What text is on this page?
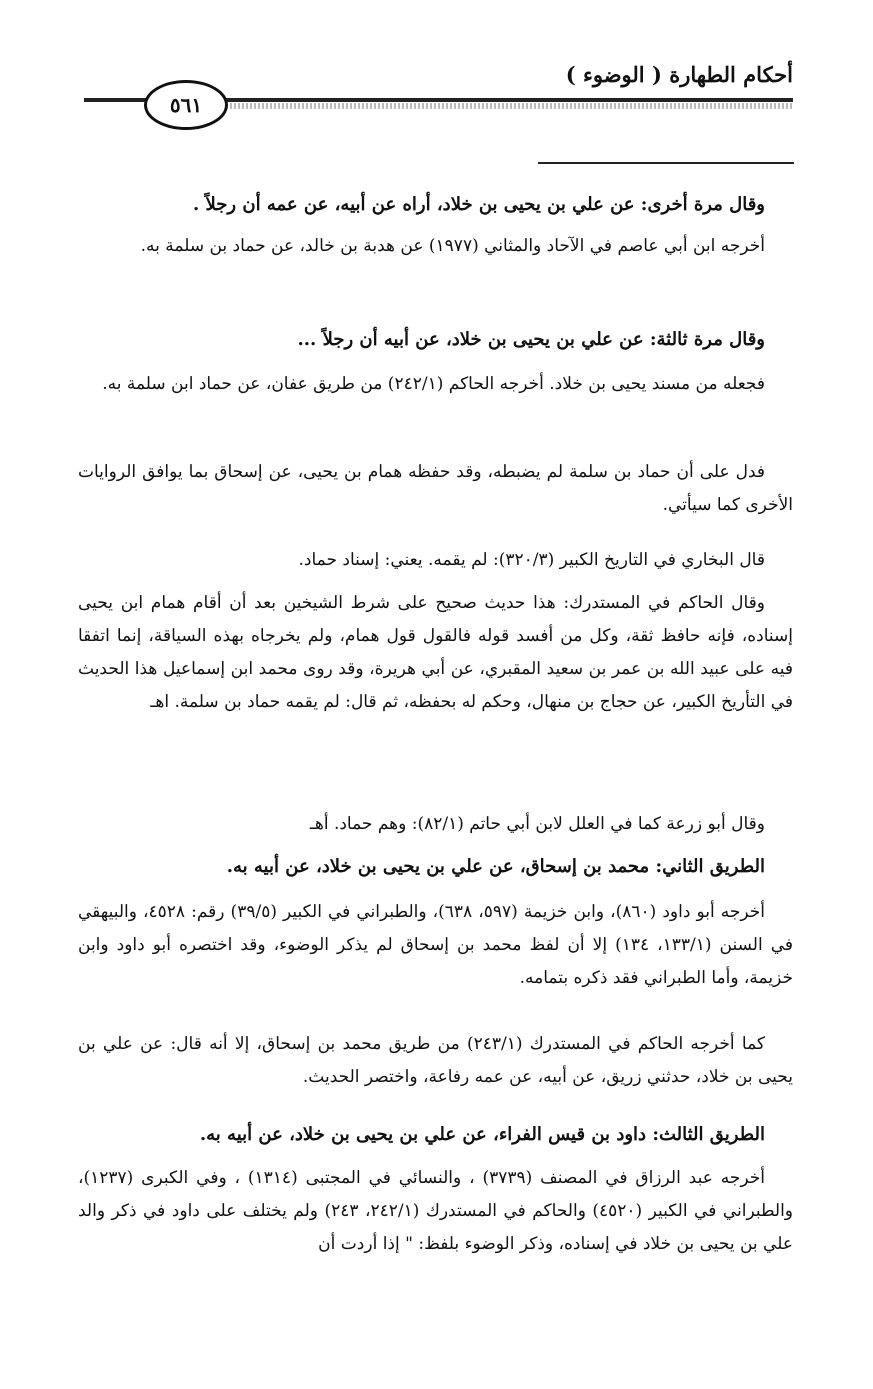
أحكام الطهارة ( الوضوء )
٥٦١
وقال مرة أخرى: عن علي بن يحيى بن خلاد، أراه عن أبيه، عن عمه أن رجلاً .
أخرجه ابن أبي عاصم في الآحاد والمثاني (١٩٧٧) عن هدبة بن خالد، عن حماد بن سلمة به.
وقال مرة ثالثة: عن علي بن يحيى بن خلاد، عن أبيه أن رجلاً ...
فجعله من مسند يحيى بن خلاد. أخرجه الحاكم (٢٤٢/١) من طريق عفان، عن حماد ابن سلمة به.
فدل على أن حماد بن سلمة لم يضبطه، وقد حفظه همام بن يحيى، عن إسحاق بما يوافق الروايات الأخرى كما سيأتي.
قال البخاري في التاريخ الكبير (٣٢٠/٣): لم يقمه. يعني: إسناد حماد.
وقال الحاكم في المستدرك: هذا حديث صحيح على شرط الشيخين بعد أن أقام همام ابن يحيى إسناده، فإنه حافظ ثقة، وكل من أفسد قوله فالقول قول همام، ولم يخرجاه بهذه السياقة، إنما اتفقا فيه على عبيد الله بن عمر بن سعيد المقبري، عن أبي هريرة، وقد روى محمد ابن إسماعيل هذا الحديث في التأريخ الكبير، عن حجاج بن منهال، وحكم له بحفظه، ثم قال: لم يقمه حماد بن سلمة. اهـ
وقال أبو زرعة كما في العلل لابن أبي حاتم (٨٢/١): وهم حماد. أهـ
الطريق الثاني: محمد بن إسحاق، عن علي بن يحيى بن خلاد، عن أبيه به.
أخرجه أبو داود (٨٦٠)، وابن خزيمة (٥٩٧، ٦٣٨)، والطبراني في الكبير (٣٩/٥) رقم: ٤٥٢٨، والبيهقي في السنن (١٣٣/١، ١٣٤) إلا أن لفظ محمد بن إسحاق لم يذكر الوضوء، وقد اختصره أبو داود وابن خزيمة، وأما الطبراني فقد ذكره بتمامه.
كما أخرجه الحاكم في المستدرك (٢٤٣/١) من طريق محمد بن إسحاق، إلا أنه قال: عن علي بن يحيى بن خلاد، حدثني زريق، عن أبيه، عن عمه رفاعة، واختصر الحديث.
الطريق الثالث: داود بن قيس الفراء، عن علي بن يحيى بن خلاد، عن أبيه به.
أخرجه عبد الرزاق في المصنف (٣٧٣٩) ، والنسائي في المجتبى (١٣١٤) ، وفي الكبرى (١٢٣٧)، والطبراني في الكبير (٤٥٢٠) والحاكم في المستدرك (٢٤٢/١، ٢٤٣) ولم يختلف على داود في ذكر والد علي بن يحيى بن خلاد في إسناده، وذكر الوضوء بلفظ: " إذا أردت أن
